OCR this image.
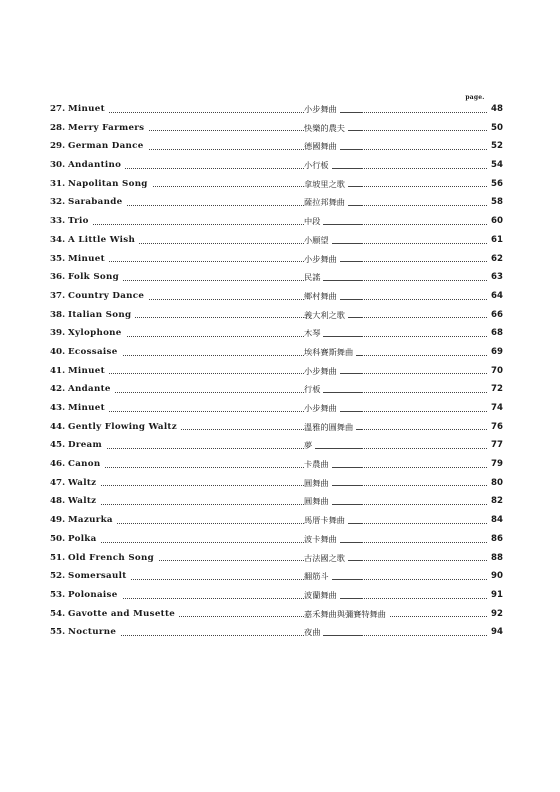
page.
27. Minuet	小步舞曲	48
28. Merry Farmers	快樂的農夫	50
29. German Dance	德國舞曲	52
30. Andantino	小行板	54
31. Napolitan Song	拿坡里之歌	56
32. Sarabande	薩拉邦舞曲	58
33. Trio	中段	60
34. A Little Wish	小願望	61
35. Minuet	小步舞曲	62
36. Folk Song	民謠	63
37. Country Dance	鄉村舞曲	64
38. Italian Song	義大利之歌	66
39. Xylophone	木琴	68
40. Ecossaise	埃科賽斯舞曲	69
41. Minuet	小步舞曲	70
42. Andante	行板	72
43. Minuet	小步舞曲	74
44. Gently Flowing Waltz	溫雅的圓舞曲	76
45. Dream	夢	77
46. Canon	卡農曲	79
47. Waltz	圓舞曲	80
48. Waltz	圓舞曲	82
49. Mazurka	馬厝卡舞曲	84
50. Polka	波卡舞曲	86
51. Old French Song	古法國之歌	88
52. Somersault	翻筋斗	90
53. Polonaise	波蘭舞曲	91
54. Gavotte and Musette	嘉禾舞曲與彌賽特舞曲	92
55. Nocturne	夜曲	94
